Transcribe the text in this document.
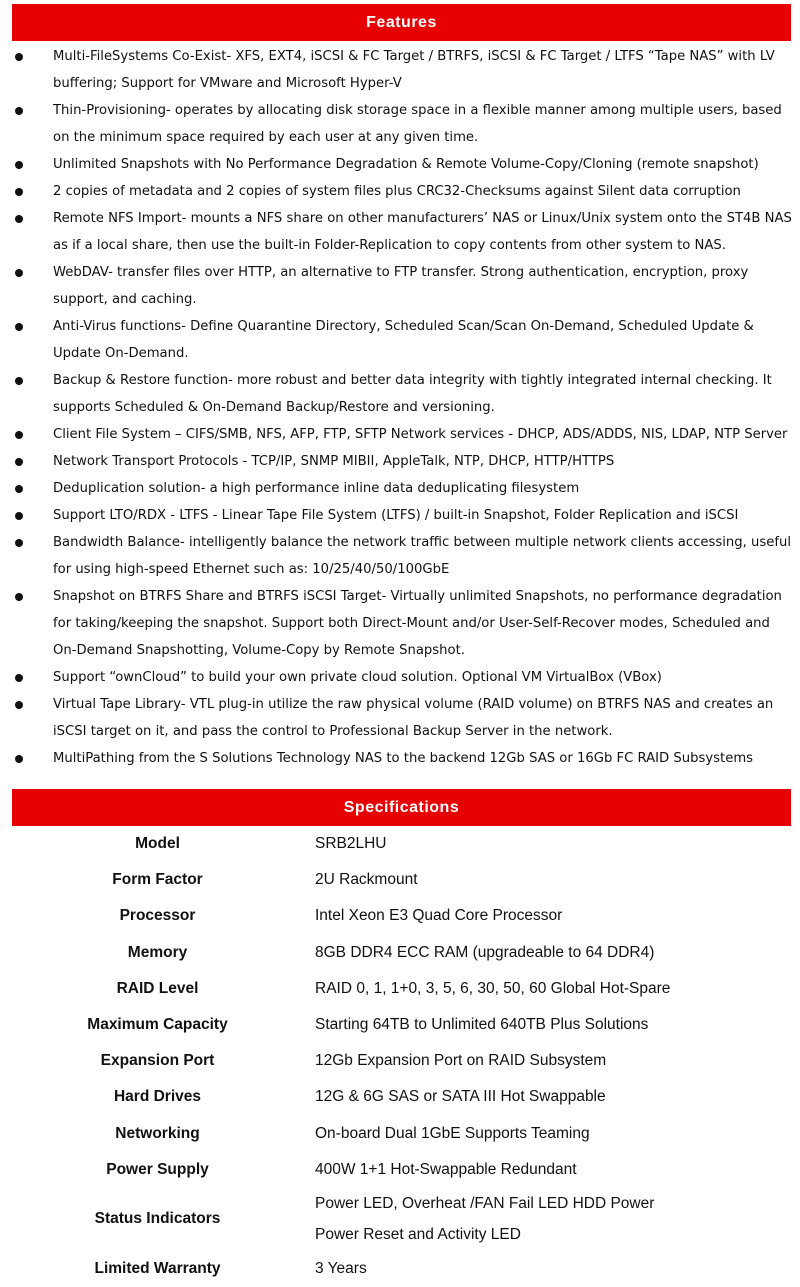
Features
Multi-FileSystems Co-Exist- XFS, EXT4, iSCSI & FC Target / BTRFS, iSCSI & FC Target / LTFS “Tape NAS” with LV buffering; Support for VMware and Microsoft Hyper-V
Thin-Provisioning- operates by allocating disk storage space in a flexible manner among multiple users, based on the minimum space required by each user at any given time.
Unlimited Snapshots with No Performance Degradation & Remote Volume-Copy/Cloning (remote snapshot)
2 copies of metadata and 2 copies of system files plus CRC32-Checksums against Silent data corruption
Remote NFS Import- mounts a NFS share on other manufacturers’ NAS or Linux/Unix system onto the ST4B NAS as if a local share, then use the built-in Folder-Replication to copy contents from other system to NAS.
WebDAV- transfer files over HTTP, an alternative to FTP transfer. Strong authentication, encryption, proxy support, and caching.
Anti-Virus functions- Define Quarantine Directory, Scheduled Scan/Scan On-Demand, Scheduled Update & Update On-Demand.
Backup & Restore function- more robust and better data integrity with tightly integrated internal checking. It supports Scheduled & On-Demand Backup/Restore and versioning.
Client File System – CIFS/SMB, NFS, AFP, FTP, SFTP Network services - DHCP, ADS/ADDS, NIS, LDAP, NTP Server
Network Transport Protocols - TCP/IP, SNMP MIBII, AppleTalk, NTP, DHCP, HTTP/HTTPS
Deduplication solution- a high performance inline data deduplicating filesystem
Support LTO/RDX - LTFS - Linear Tape File System (LTFS) / built-in Snapshot, Folder Replication and iSCSI
Bandwidth Balance- intelligently balance the network traffic between multiple network clients accessing, useful for using high-speed Ethernet such as: 10/25/40/50/100GbE
Snapshot on BTRFS Share and BTRFS iSCSI Target- Virtually unlimited Snapshots, no performance degradation for taking/keeping the snapshot. Support both Direct-Mount and/or User-Self-Recover modes, Scheduled and On-Demand Snapshotting, Volume-Copy by Remote Snapshot.
Support “ownCloud” to build your own private cloud solution. Optional VM VirtualBox (VBox)
Virtual Tape Library- VTL plug-in utilize the raw physical volume (RAID volume) on BTRFS NAS and creates an iSCSI target on it, and pass the control to Professional Backup Server in the network.
MultiPathing from the S Solutions Technology NAS to the backend 12Gb SAS or 16Gb FC RAID Subsystems
Specifications
Model	SRB2LHU
Form Factor	2U Rackmount
Processor	Intel Xeon E3 Quad Core Processor
Memory	8GB DDR4 ECC RAM (upgradeable to 64 DDR4)
RAID Level	RAID 0, 1, 1+0, 3, 5, 6, 30, 50, 60 Global Hot-Spare
Maximum Capacity	Starting 64TB to Unlimited 640TB Plus Solutions
Expansion Port	12Gb Expansion Port on RAID Subsystem
Hard Drives	12G & 6G SAS or SATA III Hot Swappable
Networking	On-board Dual 1GbE Supports Teaming
Power Supply	400W 1+1 Hot-Swappable Redundant
Status Indicators	Power LED, Overheat /FAN Fail LED HDD Power
Power Reset and Activity LED

Limited Warranty	3 Years
